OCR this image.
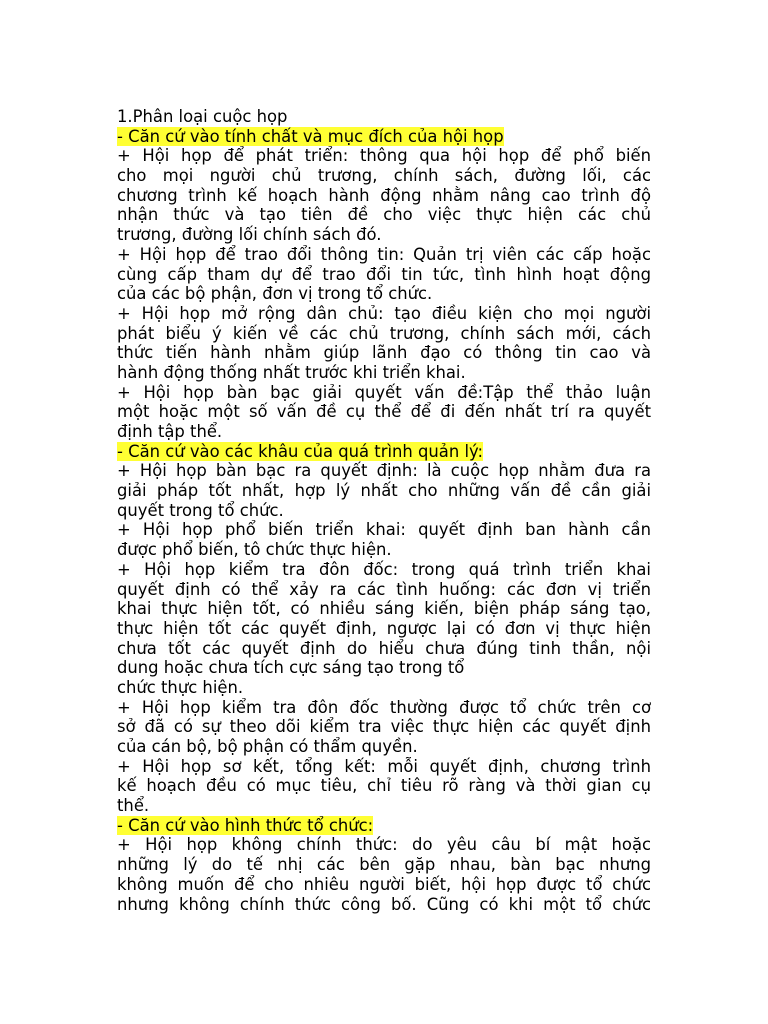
1.Phân loại cuộc họp
- Căn cứ vào tính chất và mục đích của hội họp
+ Hội họp để phát triển: thông qua hội họp để phổ biến
cho mọi người chủ trương, chính sách, đường lối, các
chương trình kế hoạch hành động nhằm nâng cao trình độ
nhận thức và tạo tiên đề cho việc thực hiện các chủ
trương, đường lối chính sách đó.
+ Hội họp để trao đổi thông tin: Quản trị viên các cấp hoặc
cùng cấp tham dự để trao đổi tin tức, tình hình hoạt động
của các bộ phận, đơn vị trong tổ chức.
+ Hội họp mở rộng dân chủ: tạo điều kiện cho mọi người
phát biểu ý kiến về các chủ trương, chính sách mới, cách
thức tiến hành nhằm giúp lãnh đạo có thông tin cao và
hành động thống nhất trước khi triển khai.
+ Hội họp bàn bạc giải quyết vấn đề:Tập thể thảo luận
một hoặc một số vấn đề cụ thể để đi đến nhất trí ra quyết
định tập thể.
- Căn cứ vào các khâu của quá trình quản lý:
+ Hội họp bàn bạc ra quyết định: là cuộc họp nhằm đưa ra
giải pháp tốt nhất, hợp lý nhất cho những vấn đề cần giải
quyết trong tổ chức.
+ Hội họp phổ biến triển khai: quyết định ban hành cần
được phổ biến, tô chức thực hiện.
+ Hội họp kiểm tra đôn đốc: trong quá trình triển khai
quyết định có thể xảy ra các tình huống: các đơn vị triển
khai thực hiện tốt, có nhiều sáng kiến, biện pháp sáng tạo,
thực hiện tốt các quyết định, ngược lại có đơn vị thực hiện
chưa tốt các quyết định do hiểu chưa đúng tinh thần, nội
dung hoặc chưa tích cực sáng tạo trong tổ
chức thực hiện.
+ Hội họp kiểm tra đôn đốc thường được tổ chức trên cơ
sở đã có sự theo dõi kiểm tra việc thực hiện các quyết định
của cán bộ, bộ phận có thẩm quyền.
+ Hội họp sơ kết, tổng kết: mỗi quyết định, chương trình
kế hoạch đều có mục tiêu, chỉ tiêu rõ ràng và thời gian cụ
thể.
- Căn cứ vào hình thức tổ chức:
+ Hội họp không chính thức: do yêu câu bí mật hoặc
những lý do tế nhị các bên gặp nhau, bàn bạc nhưng
không muốn để cho nhiêu người biết, hội họp được tổ chức
nhưng không chính thức công bố. Cũng có khi một tổ chức
